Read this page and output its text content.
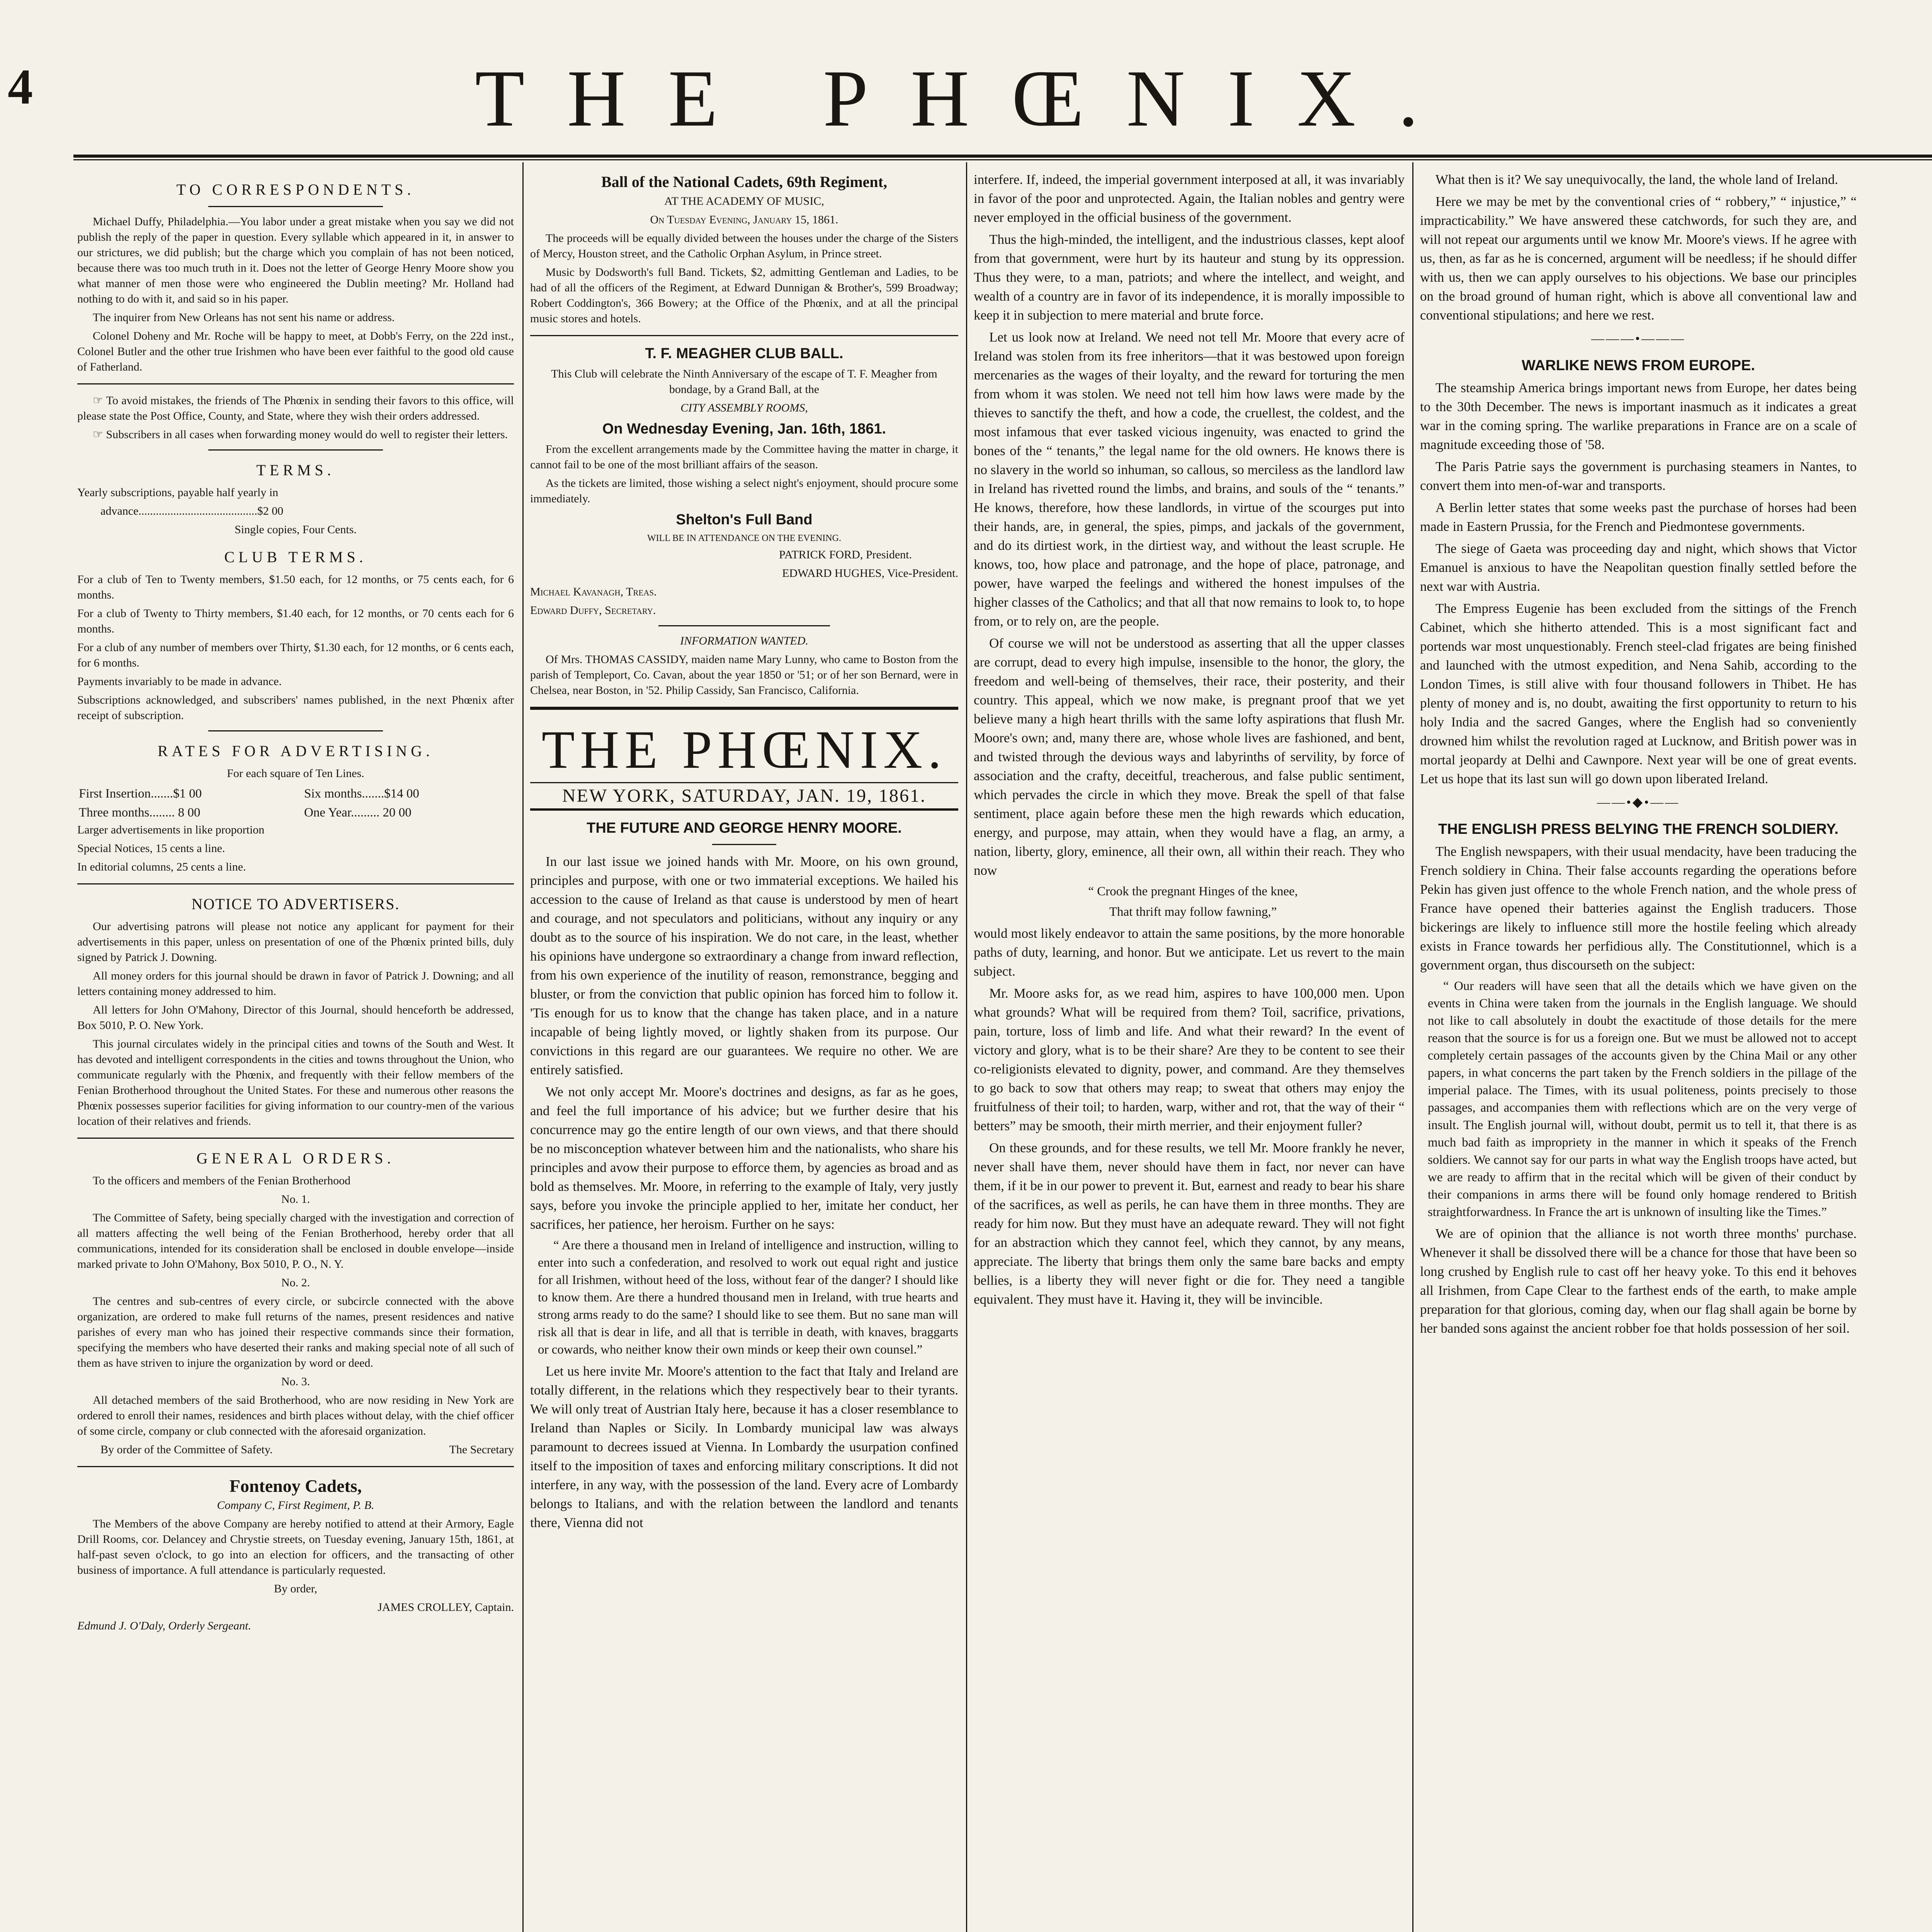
4	THE PHŒNIX.
TO CORRESPONDENTS.

Michael Duffy, Philadelphia.—You labor under a great mistake when you say we did not publish the reply of the paper in question. Every syllable which appeared in it, in answer to our strictures, we did publish; but the charge which you complain of has not been noticed, because there was too much truth in it. Does not the letter of George Henry Moore show you what manner of men those were who engineered the Dublin meeting? Mr. Holland had nothing to do with it, and said so in his paper.

The inquirer from New Orleans has not sent his name or address.

Colonel Doheny and Mr. Roche will be happy to meet, at Dobb's Ferry, on the 22d inst., Colonel Butler and the other true Irishmen who have been ever faithful to the good old cause of Fatherland.

☞ To avoid mistakes, the friends of The Phœnix in sending their favors to this office, will please state the Post Office, County, and State, where they wish their orders addressed.

☞ Subscribers in all cases when forwarding money would do well to register their letters.

TERMS.

Yearly subscriptions, payable half yearly in

advance.........................................$2 00

Single copies, Four Cents.

CLUB TERMS.

For a club of Ten to Twenty members, $1.50 each, for 12 months, or 75 cents each, for 6 months.

For a club of Twenty to Thirty members, $1.40 each, for 12 months, or 70 cents each for 6 months.

For a club of any number of members over Thirty, $1.30 each, for 12 months, or 6 cents each, for 6 months.

Payments invariably to be made in advance.

Subscriptions acknowledged, and subscribers' names published, in the next Phœnix after receipt of subscription.

RATES FOR ADVERTISING.

For each square of Ten Lines.

First Insertion.......$1 00	Six months.......$14 00
Three months........ 8 00	One Year......... 20 00

Larger advertisements in like proportion

Special Notices, 15 cents a line.

In editorial columns, 25 cents a line.

NOTICE TO ADVERTISERS.

Our advertising patrons will please not notice any applicant for payment for their advertisements in this paper, unless on presentation of one of the Phœnix printed bills, duly signed by Patrick J. Downing.

All money orders for this journal should be drawn in favor of Patrick J. Downing; and all letters containing money addressed to him.

All letters for John O'Mahony, Director of this Journal, should henceforth be addressed, Box 5010, P. O. New York.

This journal circulates widely in the principal cities and towns of the South and West. It has devoted and intelligent correspondents in the cities and towns throughout the Union, who communicate regularly with the Phœnix, and frequently with their fellow members of the Fenian Brotherhood throughout the United States. For these and numerous other reasons the Phœnix possesses superior facilities for giving information to our country-men of the various location of their relatives and friends.

GENERAL ORDERS.

To the officers and members of the Fenian Brotherhood

No. 1.

The Committee of Safety, being specially charged with the investigation and correction of all matters affecting the well being of the Fenian Brotherhood, hereby order that all communications, intended for its consideration shall be enclosed in double envelope—inside marked private to John O'Mahony, Box 5010, P. O., N. Y.

No. 2.

The centres and sub-centres of every circle, or subcircle connected with the above organization, are ordered to make full returns of the names, present residences and native parishes of every man who has joined their respective commands since their formation, specifying the members who have deserted their ranks and making special note of all such of them as have striven to injure the organization by word or deed.

No. 3.

All detached members of the said Brotherhood, who are now residing in New York are ordered to enroll their names, residences and birth places without delay, with the chief officer of some circle, company or club connected with the aforesaid organization.

By order of the Committee of Safety.	The Secretary
Fontenoy Cadets,

Company C, First Regiment, P. B.

The Members of the above Company are hereby notified to attend at their Armory, Eagle Drill Rooms, cor. Delancey and Chrystie streets, on Tuesday evening, January 15th, 1861, at half-past seven o'clock, to go into an election for officers, and the transacting of other business of importance. A full attendance is particularly requested.

By order,

JAMES CROLLEY, Captain.

Edmund J. O'Daly, Orderly Sergeant.

Ball of the National Cadets, 69th Regiment,

AT THE ACADEMY OF MUSIC,

On Tuesday Evening, January 15, 1861.

The proceeds will be equally divided between the houses under the charge of the Sisters of Mercy, Houston street, and the Catholic Orphan Asylum, in Prince street.

Music by Dodsworth's full Band. Tickets, $2, admitting Gentleman and Ladies, to be had of all the officers of the Regiment, at Edward Dunnigan & Brother's, 599 Broadway; Robert Coddington's, 366 Bowery; at the Office of the Phœnix, and at all the principal music stores and hotels.

T. F. MEAGHER CLUB BALL.

This Club will celebrate the Ninth Anniversary of the escape of T. F. Meagher from bondage, by a Grand Ball, at the

CITY ASSEMBLY ROOMS,

On Wednesday Evening, Jan. 16th, 1861.

From the excellent arrangements made by the Committee having the matter in charge, it cannot fail to be one of the most brilliant affairs of the season.

As the tickets are limited, those wishing a select night's enjoyment, should procure some immediately.

Shelton's Full Band

WILL BE IN ATTENDANCE ON THE EVENING.

PATRICK FORD, President.

EDWARD HUGHES, Vice-President.

Michael Kavanagh, Treas.

Edward Duffy, Secretary.

INFORMATION WANTED.

Of Mrs. THOMAS CASSIDY, maiden name Mary Lunny, who came to Boston from the parish of Templeport, Co. Cavan, about the year 1850 or '51; or of her son Bernard, were in Chelsea, near Boston, in '52. Philip Cassidy, San Francisco, California.

THE PHŒNIX.
NEW YORK, SATURDAY, JAN. 19, 1861.
THE FUTURE AND GEORGE HENRY MOORE.

In our last issue we joined hands with Mr. Moore, on his own ground, principles and purpose, with one or two immaterial exceptions. We hailed his accession to the cause of Ireland as that cause is understood by men of heart and courage, and not speculators and politicians, without any inquiry or any doubt as to the source of his inspiration. We do not care, in the least, whether his opinions have undergone so extraordinary a change from inward reflection, from his own experience of the inutility of reason, remonstrance, begging and bluster, or from the conviction that public opinion has forced him to follow it. 'Tis enough for us to know that the change has taken place, and in a nature incapable of being lightly moved, or lightly shaken from its purpose. Our convictions in this regard are our guarantees. We require no other. We are entirely satisfied.

We not only accept Mr. Moore's doctrines and designs, as far as he goes, and feel the full importance of his advice; but we further desire that his concurrence may go the entire length of our own views, and that there should be no misconception whatever between him and the nationalists, who share his principles and avow their purpose to efforce them, by agencies as broad and as bold as themselves. Mr. Moore, in referring to the example of Italy, very justly says, before you invoke the principle applied to her, imitate her conduct, her sacrifices, her patience, her heroism. Further on he says:

“ Are there a thousand men in Ireland of intelligence and instruction, willing to enter into such a confederation, and resolved to work out equal right and justice for all Irishmen, without heed of the loss, without fear of the danger? I should like to know them. Are there a hundred thousand men in Ireland, with true hearts and strong arms ready to do the same? I should like to see them. But no sane man will risk all that is dear in life, and all that is terrible in death, with knaves, braggarts or cowards, who neither know their own minds or keep their own counsel.”

Let us here invite Mr. Moore's attention to the fact that Italy and Ireland are totally different, in the relations which they respectively bear to their tyrants. We will only treat of Austrian Italy here, because it has a closer resemblance to Ireland than Naples or Sicily. In Lombardy municipal law was always paramount to decrees issued at Vienna. In Lombardy the usurpation confined itself to the imposition of taxes and enforcing military conscriptions. It did not interfere, in any way, with the possession of the land. Every acre of Lombardy belongs to Italians, and with the relation between the landlord and tenants there, Vienna did not

interfere. If, indeed, the imperial government interposed at all, it was invariably in favor of the poor and unprotected. Again, the Italian nobles and gentry were never employed in the official business of the government.

Thus the high-minded, the intelligent, and the industrious classes, kept aloof from that government, were hurt by its hauteur and stung by its oppression. Thus they were, to a man, patriots; and where the intellect, and weight, and wealth of a country are in favor of its independence, it is morally impossible to keep it in subjection to mere material and brute force.

Let us look now at Ireland. We need not tell Mr. Moore that every acre of Ireland was stolen from its free inheritors—that it was bestowed upon foreign mercenaries as the wages of their loyalty, and the reward for torturing the men from whom it was stolen. We need not tell him how laws were made by the thieves to sanctify the theft, and how a code, the cruellest, the coldest, and the most infamous that ever tasked vicious ingenuity, was enacted to grind the bones of the “ tenants,” the legal name for the old owners. He knows there is no slavery in the world so inhuman, so callous, so merciless as the landlord law in Ireland has rivetted round the limbs, and brains, and souls of the “ tenants.” He knows, therefore, how these landlords, in virtue of the scourges put into their hands, are, in general, the spies, pimps, and jackals of the government, and do its dirtiest work, in the dirtiest way, and without the least scruple. He knows, too, how place and patronage, and the hope of place, patronage, and power, have warped the feelings and withered the honest impulses of the higher classes of the Catholics; and that all that now remains to look to, to hope from, or to rely on, are the people.

Of course we will not be understood as asserting that all the upper classes are corrupt, dead to every high impulse, insensible to the honor, the glory, the freedom and well-being of themselves, their race, their posterity, and their country. This appeal, which we now make, is pregnant proof that we yet believe many a high heart thrills with the same lofty aspirations that flush Mr. Moore's own; and, many there are, whose whole lives are fashioned, and bent, and twisted through the devious ways and labyrinths of servility, by force of association and the crafty, deceitful, treacherous, and false public sentiment, which pervades the circle in which they move. Break the spell of that false sentiment, place again before these men the high rewards which education, energy, and purpose, may attain, when they would have a flag, an army, a nation, liberty, glory, eminence, all their own, all within their reach. They who now

“ Crook the pregnant Hinges of the knee,

That thrift may follow fawning,”

would most likely endeavor to attain the same positions, by the more honorable paths of duty, learning, and honor. But we anticipate. Let us revert to the main subject.

Mr. Moore asks for, as we read him, aspires to have 100,000 men. Upon what grounds? What will be required from them? Toil, sacrifice, privations, pain, torture, loss of limb and life. And what their reward? In the event of victory and glory, what is to be their share? Are they to be content to see their co-religionists elevated to dignity, power, and command. Are they themselves to go back to sow that others may reap; to sweat that others may enjoy the fruitfulness of their toil; to harden, warp, wither and rot, that the way of their “ betters” may be smooth, their mirth merrier, and their enjoyment fuller?

On these grounds, and for these results, we tell Mr. Moore frankly he never, never shall have them, never should have them in fact, nor never can have them, if it be in our power to prevent it. But, earnest and ready to bear his share of the sacrifices, as well as perils, he can have them in three months. They are ready for him now. But they must have an adequate reward. They will not fight for an abstraction which they cannot feel, which they cannot, by any means, appreciate. The liberty that brings them only the same bare backs and empty bellies, is a liberty they will never fight or die for. They need a tangible equivalent. They must have it. Having it, they will be invincible.

What then is it? We say unequivocally, the land, the whole land of Ireland.

Here we may be met by the conventional cries of “ robbery,” “ injustice,” “ impracticability.” We have answered these catchwords, for such they are, and will not repeat our arguments until we know Mr. Moore's views. If he agree with us, then, as far as he is concerned, argument will be needless; if he should differ with us, then we can apply ourselves to his objections. We base our principles on the broad ground of human right, which is above all conventional law and conventional stipulations; and here we rest.

———•———
WARLIKE NEWS FROM EUROPE.

The steamship America brings important news from Europe, her dates being to the 30th December. The news is important inasmuch as it indicates a great war in the coming spring. The warlike preparations in France are on a scale of magnitude exceeding those of '58.

The Paris Patrie says the government is purchasing steamers in Nantes, to convert them into men-of-war and transports.

A Berlin letter states that some weeks past the purchase of horses had been made in Eastern Prussia, for the French and Piedmontese governments.

The siege of Gaeta was proceeding day and night, which shows that Victor Emanuel is anxious to have the Neapolitan question finally settled before the next war with Austria.

The Empress Eugenie has been excluded from the sittings of the French Cabinet, which she hitherto attended. This is a most significant fact and portends war most unquestionably. French steel-clad frigates are being finished and launched with the utmost expedition, and Nena Sahib, according to the London Times, is still alive with four thousand followers in Thibet. He has plenty of money and is, no doubt, awaiting the first opportunity to return to his holy India and the sacred Ganges, where the English had so conveniently drowned him whilst the revolution raged at Lucknow, and British power was in mortal jeopardy at Delhi and Cawnpore. Next year will be one of great events. Let us hope that its last sun will go down upon liberated Ireland.

——•◆•——
THE ENGLISH PRESS BELYING THE FRENCH SOLDIERY.

The English newspapers, with their usual mendacity, have been traducing the French soldiery in China. Their false accounts regarding the operations before Pekin has given just offence to the whole French nation, and the whole press of France have opened their batteries against the English traducers. Those bickerings are likely to influence still more the hostile feeling which already exists in France towards her perfidious ally. The Constitutionnel, which is a government organ, thus discourseth on the subject:

“ Our readers will have seen that all the details which we have given on the events in China were taken from the journals in the English language. We should not like to call absolutely in doubt the exactitude of those details for the mere reason that the source is for us a foreign one. But we must be allowed not to accept completely certain passages of the accounts given by the China Mail or any other papers, in what concerns the part taken by the French soldiers in the pillage of the imperial palace. The Times, with its usual politeness, points precisely to those passages, and accompanies them with reflections which are on the very verge of insult. The English journal will, without doubt, permit us to tell it, that there is as much bad faith as impropriety in the manner in which it speaks of the French soldiers. We cannot say for our parts in what way the English troops have acted, but we are ready to affirm that in the recital which will be given of their conduct by their companions in arms there will be found only homage rendered to British straightforwardness. In France the art is unknown of insulting like the Times.”

We are of opinion that the alliance is not worth three months' purchase. Whenever it shall be dissolved there will be a chance for those that have been so long crushed by English rule to cast off her heavy yoke. To this end it behoves all Irishmen, from Cape Clear to the farthest ends of the earth, to make ample preparation for that glorious, coming day, when our flag shall again be borne by her banded sons against the ancient robber foe that holds possession of her soil.
